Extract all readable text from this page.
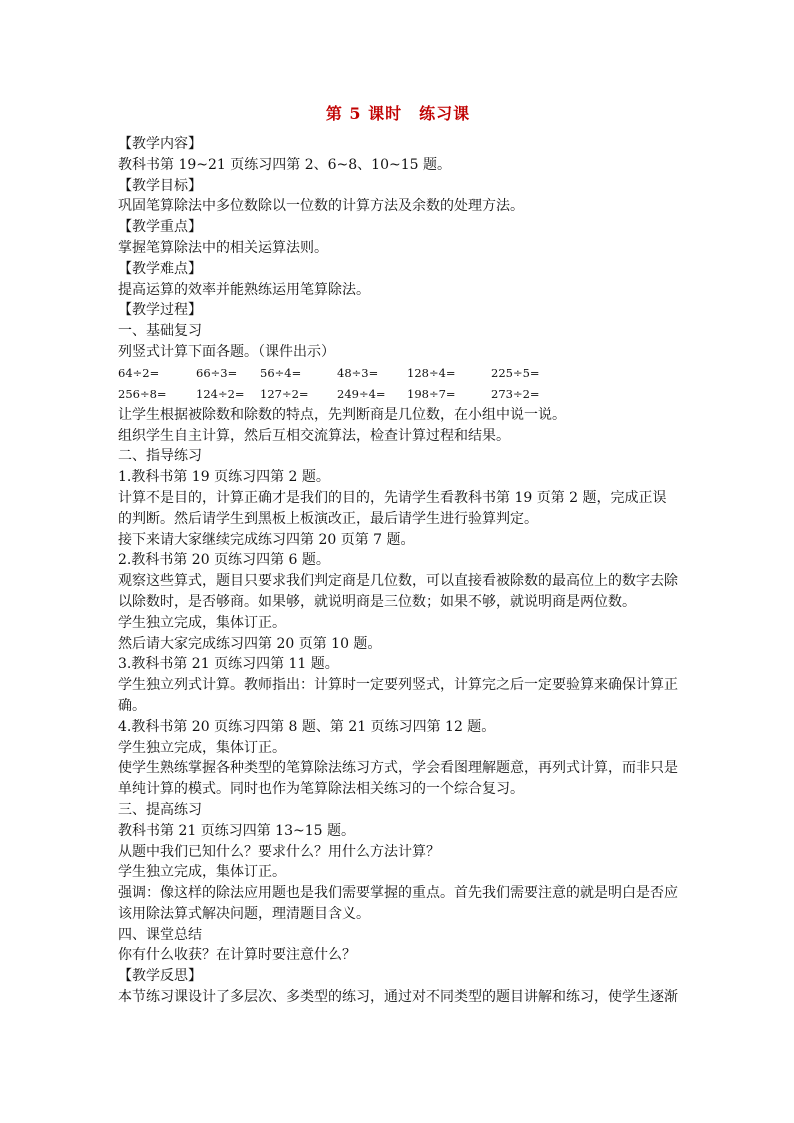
第 5 课时　练习课
【教学内容】
教科书第 19~21 页练习四第 2、6~8、10~15 题。
【教学目标】
巩固笔算除法中多位数除以一位数的计算方法及余数的处理方法。
【教学重点】
掌握笔算除法中的相关运算法则。
【教学难点】
提高运算的效率并能熟练运用笔算除法。
【教学过程】
一、基础复习
列竖式计算下面各题。（课件出示）
64÷2=	66÷3= 56÷4=	48÷3=	128÷4=	225÷5=
256÷8=	124÷2= 127÷2= 249÷4= 198÷7=	273÷2=
让学生根据被除数和除数的特点，先判断商是几位数，在小组中说一说。
组织学生自主计算，然后互相交流算法，检查计算过程和结果。
二、指导练习
1.教科书第 19 页练习四第 2 题。
计算不是目的，计算正确才是我们的目的，先请学生看教科书第 19 页第 2 题，完成正误的判断。然后请学生到黑板上板演改正，最后请学生进行验算判定。
接下来请大家继续完成练习四第 20 页第 7 题。
2.教科书第 20 页练习四第 6 题。
观察这些算式，题目只要求我们判定商是几位数，可以直接看被除数的最高位上的数字去除以除数时，是否够商。如果够，就说明商是三位数；如果不够，就说明商是两位数。
学生独立完成，集体订正。
然后请大家完成练习四第 20 页第 10 题。
3.教科书第 21 页练习四第 11 题。
学生独立列式计算。教师指出：计算时一定要列竖式，计算完之后一定要验算来确保计算正确。
4.教科书第 20 页练习四第 8 题、第 21 页练习四第 12 题。
学生独立完成，集体订正。
使学生熟练掌握各种类型的笔算除法练习方式，学会看图理解题意，再列式计算，而非只是单纯计算的模式。同时也作为笔算除法相关练习的一个综合复习。
三、提高练习
教科书第 21 页练习四第 13~15 题。
从题中我们已知什么？要求什么？用什么方法计算？
学生独立完成，集体订正。
强调：像这样的除法应用题也是我们需要掌握的重点。首先我们需要注意的就是明白是否应该用除法算式解决问题，理清题目含义。
四、课堂总结
你有什么收获？在计算时要注意什么？
【教学反思】
本节练习课设计了多层次、多类型的练习，通过对不同类型的题目讲解和练习，使学生逐渐
